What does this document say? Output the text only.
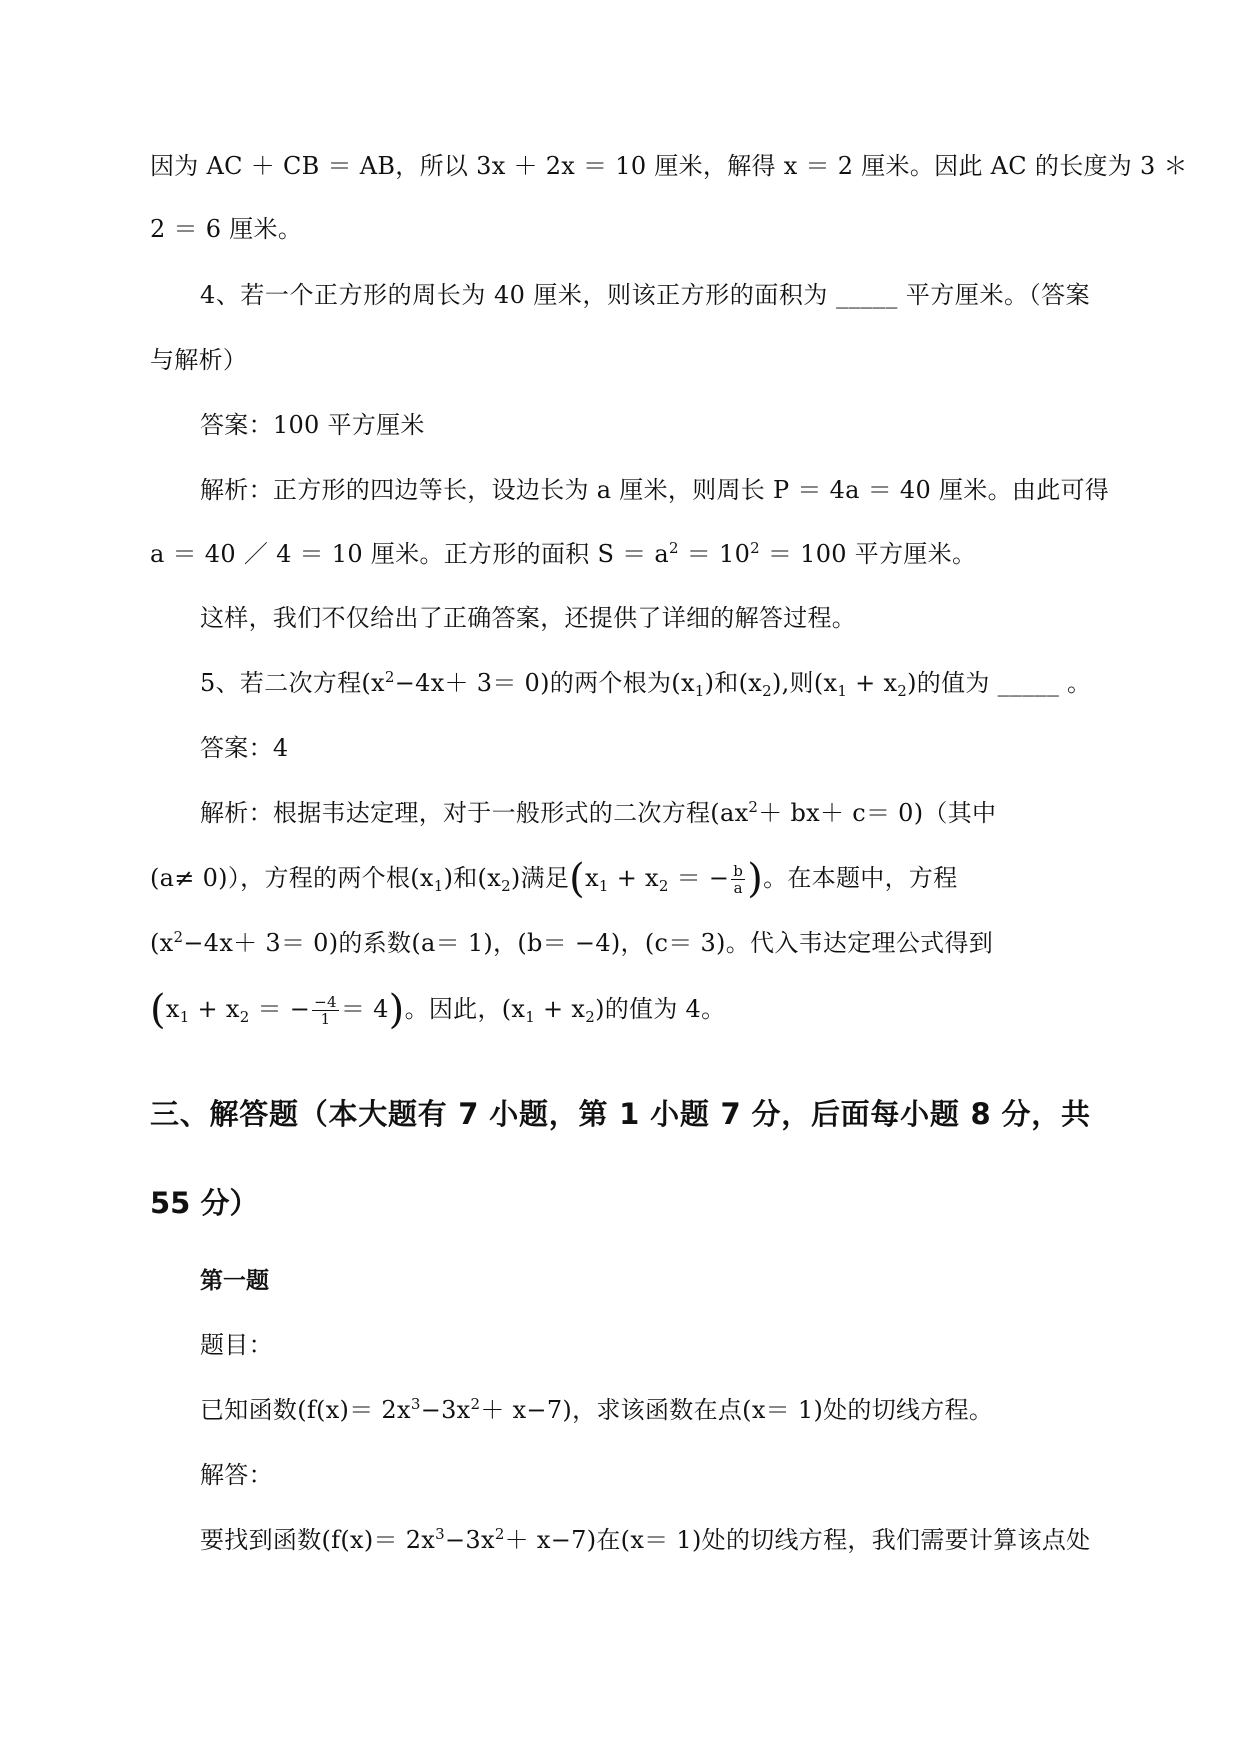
因为 AC ＋ CB ＝ AB，所以 3x ＋ 2x ＝ 10 厘米，解得 x ＝ 2 厘米。因此 AC 的长度为 3 ＊
2 ＝ 6 厘米。
4、若一个正方形的周长为 40 厘米，则该正方形的面积为 _____ 平方厘米。（答案
与解析）
答案：100 平方厘米
解析：正方形的四边等长，设边长为 a 厘米，则周长 P ＝ 4a ＝ 40 厘米。由此可得
a ＝ 40 ／ 4 ＝ 10 厘米。正方形的面积 $S = a^2 = 10^2 = 100$ 平方厘米。
这样，我们不仅给出了正确答案，还提供了详细的解答过程。
5、若二次方程$(x^2-4x+ 3= 0)$的两个根为$(x_1)$和$(x_2)$,则$(x_1 + x_2)$的值为 _____ 。
答案：4
解析：根据韦达定理，对于一般形式的二次方程$(ax^2+ bx+ c= 0)$（其中
(a≠ 0)），方程的两个根$(x_1)$和$(x_2)$满足($x_1 + x_2$ ＝ − $\frac{b}{a}$ )。在本题中，方程
$(x^2-4x+ 3= 0)$的系数(a＝ 1)，(b＝ −4)，(c＝ 3)。代入韦达定理公式得到
($x_1 + x_2$ ＝ − $\frac{-4}{1} = 4$)。因此，$(x_1 + x_2)$的值为 4。
三、解答题（本大题有 7 小题，第 1 小题 7 分，后面每小题 8 分，共
55 分）
第一题
题目：
已知函数$(f(x)= 2x^3-3x^2+ x-7)$，求该函数在点(x＝ 1)处的切线方程。
解答：
要找到函数$(f(x)= 2x^3-3x^2+ x-7)$在(x＝ 1)处的切线方程，我们需要计算该点处
